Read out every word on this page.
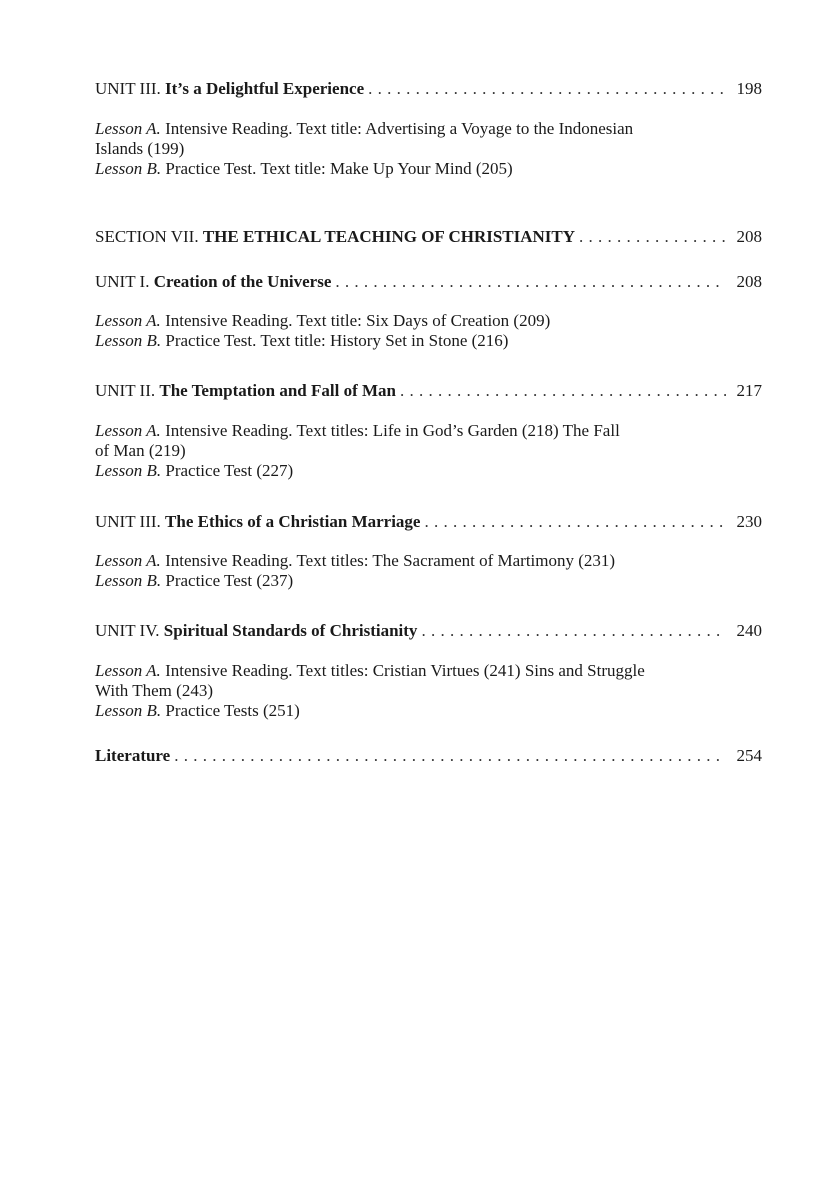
UNIT III. It’s a Delightful Experience . . .	198
Lesson A. Intensive Reading. Text title: Advertising a Voyage to the Indonesian
Islands (199)
Lesson B. Practice Test. Text title: Make Up Your Mind (205)
SECTION VII. THE ETHICAL TEACHING OF CHRISTIANITY . . .	208
UNIT I. Creation of the Universe . . .	208
Lesson A. Intensive Reading. Text title: Six Days of Creation (209)
Lesson B. Practice Test. Text title: History Set in Stone (216)
UNIT II. The Temptation and Fall of Man . . .	217
Lesson A. Intensive Reading. Text titles: Life in God’s Garden (218) The Fall
of Man (219)
Lesson B. Practice Test (227)
UNIT III. The Ethics of a Christian Marriage . . .	230
Lesson A. Intensive Reading. Text titles: The Sacrament of Martimony (231)
Lesson B. Practice Test (237)
UNIT IV. Spiritual Standards of Christianity . . .	240
Lesson A. Intensive Reading. Text titles: Cristian Virtues (241) Sins and Struggle
With Them (243)
Lesson B. Practice Tests (251)
Literature . . .	254
